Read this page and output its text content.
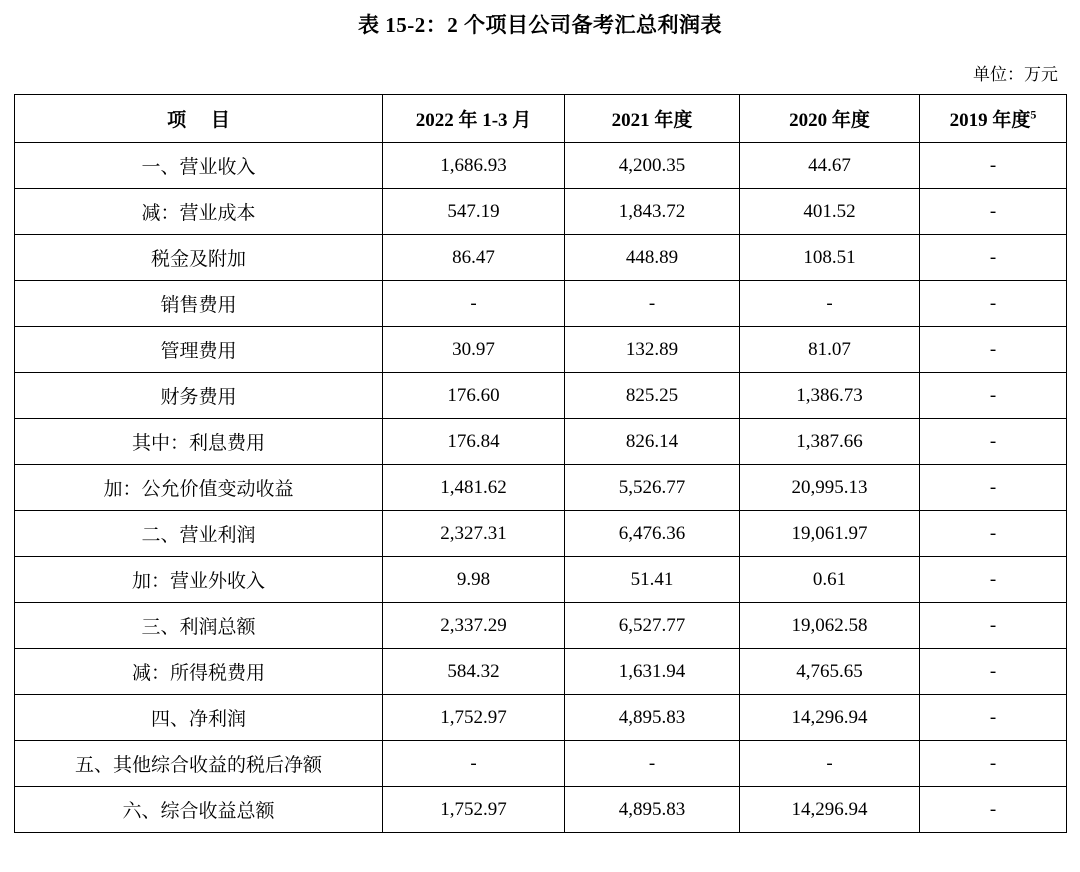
表 15-2：2 个项目公司备考汇总利润表
单位：万元
项 目	2022 年 1-3 月	2021 年度	2020 年度	2019 年度$^5$
一、营业收入	1,686.93	4,200.35	44.67	-
减：营业成本	547.19	1,843.72	401.52	-
税金及附加	86.47	448.89	108.51	-
销售费用	-	-	-	-
管理费用	30.97	132.89	81.07	-
财务费用	176.60	825.25	1,386.73	-
其中：利息费用	176.84	826.14	1,387.66	-
加：公允价值变动收益	1,481.62	5,526.77	20,995.13	-
二、营业利润	2,327.31	6,476.36	19,061.97	-
加：营业外收入	9.98	51.41	0.61	-
三、利润总额	2,337.29	6,527.77	19,062.58	-
减：所得税费用	584.32	1,631.94	4,765.65	-
四、净利润	1,752.97	4,895.83	14,296.94	-
五、其他综合收益的税后净额	-	-	-	-
六、综合收益总额	1,752.97	4,895.83	14,296.94	-
